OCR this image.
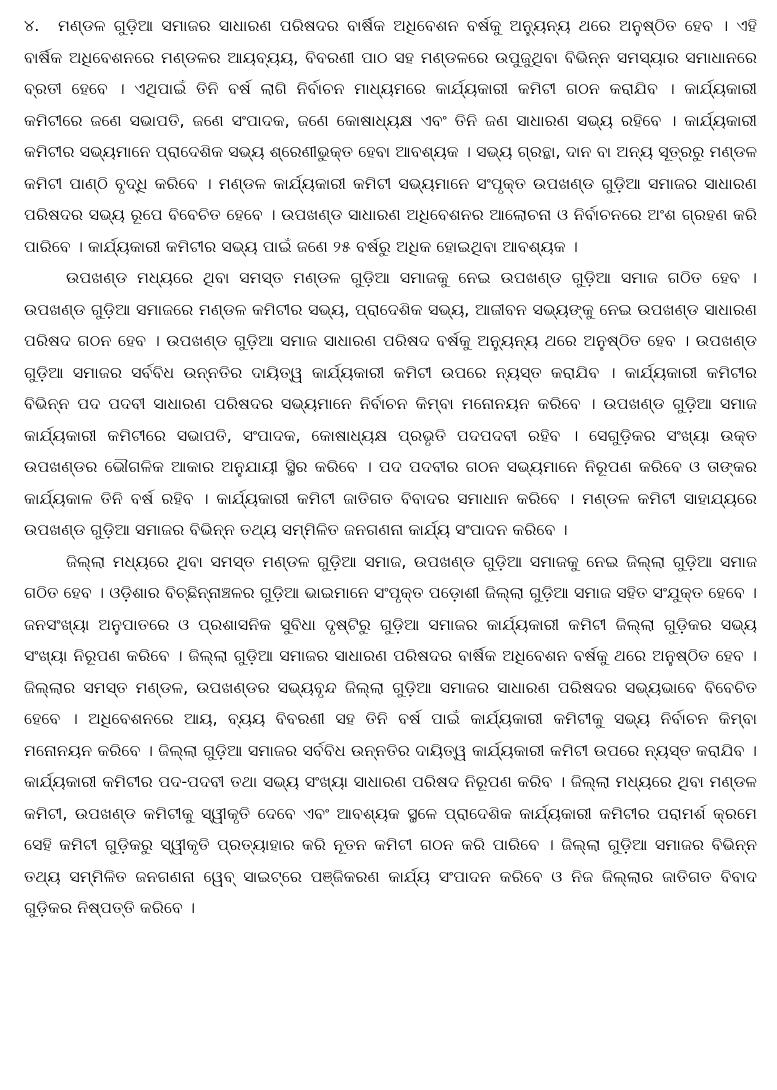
୪. ମଣ୍ଡଳ ଗୁଡ଼ିଆ ସମାଜର ସାଧାରଣ ପରିଷଦର ବାର୍ଷିକ ଅଧିବେଶନ ବର୍ଷକୁ ଅନ୍ୟୁନ୍ୟ ଥରେ ଅନୁଷ୍ଠିତ ହେବ । ଏହି ବାର୍ଷିକ ଅଧିବେଶନରେ ମଣ୍ଡଳର ଆୟବ୍ୟୟ, ବିବରଣୀ ପାଠ ସହ ମଣ୍ଡଳରେ ଉପୁଜୁଥିବା ବିଭିନ୍ନ ସମସ୍ୟାର ସମାଧାନରେ ବ୍ରତୀ ହେବେ । ଏଥିପାଇଁ ତିନି ବର୍ଷ ଲାଗି ନିର୍ବାଚନ ମାଧ୍ୟମରେ କାର୍ଯ୍ୟକାରୀ କମିଟୀ ଗଠନ କରାଯିବ । କାର୍ଯ୍ୟକାରୀ କମିଟୀରେ ଜଣେ ସଭାପତି, ଜଣେ ସଂପାଦକ, ଜଣେ କୋଷାଧ୍ୟକ୍ଷ ଏବଂ ତିନି ଜଣ ସାଧାରଣ ସଭ୍ୟ ରହିବେ । କାର୍ଯ୍ୟକାରୀ କମିଟୀର ସଭ୍ୟମାନେ ପ୍ରାଦେଶିକ ସଭ୍ୟ ଶ୍ରେଣୀଭୁକ୍ତ ହେବା ଆବଶ୍ୟକ । ସଭ୍ୟ ଗ୍ରନ୍ଥା, ଦାନ ବା ଅନ୍ୟ ସୂତ୍ରରୁ ମଣ୍ଡଳ କମିଟୀ ପାଣ୍ଠି ବୃଦ୍ଧି କରିବେ । ମଣ୍ଡଳ କାର୍ଯ୍ୟକାରୀ କମିଟୀ ସଭ୍ୟମାନେ ସଂପୃକ୍ତ ଉପଖଣ୍ଡ ଗୁଡ଼ିଆ ସମାଜର ସାଧାରଣ ପରିଷଦର ସଭ୍ୟ ରୂପେ ବିବେଚିତ ହେବେ । ଉପଖଣ୍ଡ ସାଧାରଣ ଅଧିବେଶନର ଆଲୋଚନା ଓ ନିର୍ବାଚନରେ ଅଂଶ ଗ୍ରହଣ କରି ପାରିବେ । କାର୍ଯ୍ୟକାରୀ କମିଟୀର ସଭ୍ୟ ପାଇଁ ଜଣେ ୨୫ ବର୍ଷରୁ ଅଧିକ ହୋଇଥିବା ଆବଶ୍ୟକ ।

ଉପଖଣ୍ଡ ମଧ୍ୟରେ ଥିବା ସମସ୍ତ ମଣ୍ଡଳ ଗୁଡ଼ିଆ ସମାଜକୁ ନେଇ ଉପଖଣ୍ଡ ଗୁଡ଼ିଆ ସମାଜ ଗଠିତ ହେବ । ଉପଖଣ୍ଡ ଗୁଡ଼ିଆ ସମାଜରେ ମଣ୍ଡଳ କମିଟୀର ସଭ୍ୟ, ପ୍ରାଦେଶିକ ସଭ୍ୟ, ଆଜୀବନ ସଭ୍ୟଙ୍କୁ ନେଇ ଉପଖଣ୍ଡ ସାଧାରଣ ପରିଷଦ ଗଠନ ହେବ । ଉପଖଣ୍ଡ ଗୁଡ଼ିଆ ସମାଜ ସାଧାରଣ ପରିଷଦ ବର୍ଷକୁ ଅନ୍ୟୁନ୍ୟ ଥରେ ଅନୁଷ୍ଠିତ ହେବ । ଉପଖଣ୍ଡ ଗୁଡ଼ିଆ ସମାଜର ସର୍ବବିଧ ଉନ୍ନତିର ଦାୟିତ୍ୱ କାର୍ଯ୍ୟକାରୀ କମିଟୀ ଉପରେ ନ୍ୟସ୍ତ କରାଯିବ । କାର୍ଯ୍ୟକାରୀ କମିଟୀର ବିଭିନ୍ନ ପଦ ପଦବୀ ସାଧାରଣ ପରିଷଦର ସଭ୍ୟମାନେ ନିର୍ବାଚନ କିମ୍ବା ମନୋନୟନ କରିବେ । ଉପଖଣ୍ଡ ଗୁଡ଼ିଆ ସମାଜ କାର୍ଯ୍ୟକାରୀ କମିଟୀରେ ସଭାପତି, ସଂପାଦକ, କୋଷାଧ୍ୟକ୍ଷ ପ୍ରଭୃତି ପଦପଦବୀ ରହିବ । ସେଗୁଡ଼ିକର ସଂଖ୍ୟା ଉକ୍ତ ଉପଖଣ୍ଡର ଭୌଗଳିକ ଆକାର ଅନୁଯାୟୀ ସ୍ଥିର କରିବେ । ପଦ ପଦବୀର ଗଠନ ସଭ୍ୟମାନେ ନିରୂପଣ କରିବେ ଓ ତାଙ୍କର କାର୍ଯ୍ୟକାଳ ତିନି ବର୍ଷ ରହିବ । କାର୍ଯ୍ୟକାରୀ କମିଟୀ ଜାତିଗତ ବିବାଦର ସମାଧାନ କରିବେ । ମଣ୍ଡଳ କମିଟୀ ସାହାଯ୍ୟରେ ଉପଖଣ୍ଡ ଗୁଡ଼ିଆ ସମାଜର ବିଭିନ୍ନ ତଥ୍ୟ ସମ୍ମିଳିତ ଜନଗଣନା କାର୍ଯ୍ୟ ସଂପାଦନ କରିବେ ।

ଜିଲ୍ଲା ମଧ୍ୟରେ ଥିବା ସମସ୍ତ ମଣ୍ଡଳ ଗୁଡ଼ିଆ ସମାଜ, ଉପଖଣ୍ଡ ଗୁଡ଼ିଆ ସମାଜକୁ ନେଇ ଜିଲ୍ଲା ଗୁଡ଼ିଆ ସମାଜ ଗଠିତ ହେବ । ଓଡ଼ିଶାର ବିଚ୍ଛିନ୍ନାଞ୍ଚଳର ଗୁଡ଼ିଆ ଭାଇମାନେ ସଂପୃକ୍ତ ପଡ଼ୋଶୀ ଜିଲ୍ଲା ଗୁଡ଼ିଆ ସମାଜ ସହିତ ସଂଯୁକ୍ତ ହେବେ । ଜନସଂଖ୍ୟା ଅନୁପାତରେ ଓ ପ୍ରଶାସନିକ ସୁବିଧା ଦୃଷ୍ଟିରୁ ଗୁଡ଼ିଆ ସମାଜର କାର୍ଯ୍ୟକାରୀ କମିଟୀ ଜିଲ୍ଲା ଗୁଡ଼ିକର ସଭ୍ୟ ସଂଖ୍ୟା ନିରୂପଣ କରିବେ । ଜିଲ୍ଲା ଗୁଡ଼ିଆ ସମାଜର ସାଧାରଣ ପରିଷଦର ବାର୍ଷିକ ଅଧିବେଶନ ବର୍ଷକୁ ଥରେ ଅନୁଷ୍ଠିତ ହେବ । ଜିଲ୍ଲାର ସମସ୍ତ ମଣ୍ଡଳ, ଉପଖଣ୍ଡର ସଭ୍ୟବୃନ୍ଦ ଜିଲ୍ଲା ଗୁଡ଼ିଆ ସମାଜର ସାଧାରଣ ପରିଷଦର ସଭ୍ୟଭାବେ ବିବେଚିତ ହେବେ । ଅଧିବେଶନରେ ଆୟ, ବ୍ୟୟ ବିବରଣୀ ସହ ତିନି ବର୍ଷ ପାଇଁ କାର୍ଯ୍ୟକାରୀ କମିଟୀକୁ ସଭ୍ୟ ନିର୍ବାଚନ କିମ୍ବା ମନୋନୟନ କରିବେ । ଜିଲ୍ଲା ଗୁଡ଼ିଆ ସମାଜର ସର୍ବବିଧ ଉନ୍ନତିର ଦାୟିତ୍ୱ କାର୍ଯ୍ୟକାରୀ କମିଟୀ ଉପରେ ନ୍ୟସ୍ତ କରାଯିବ । କାର୍ଯ୍ୟକାରୀ କମିଟୀର ପଦ-ପଦବୀ ତଥା ସଭ୍ୟ ସଂଖ୍ୟା ସାଧାରଣ ପରିଷଦ ନିରୂପଣ କରିବ । ଜିଲ୍ଲା ମଧ୍ୟରେ ଥିବା ମଣ୍ଡଳ କମିଟୀ, ଉପଖଣ୍ଡ କମିଟୀକୁ ସ୍ୱୀକୃତି ଦେବେ ଏବଂ ଆବଶ୍ୟକ ସ୍ଥଳେ ପ୍ରାଦେଶିକ କାର୍ଯ୍ୟକାରୀ କମିଟୀର ପରାମର୍ଶ କ୍ରମେ ସେହି କମିଟୀ ଗୁଡ଼ିକରୁ ସ୍ୱୀକୃତି ପ୍ରତ୍ୟାହାର କରି ନୂତନ କମିଟୀ ଗଠନ କରି ପାରିବେ । ଜିଲ୍ଲା ଗୁଡ଼ିଆ ସମାଜର ବିଭିନ୍ନ ତଥ୍ୟ ସମ୍ମିଳିତ ଜନଗଣନା ୱେବ୍ ସାଇଟ୍‌ରେ ପଞ୍ଜିକରଣ କାର୍ଯ୍ୟ ସଂପାଦନ କରିବେ ଓ ନିଜ ଜିଲ୍ଲାର ଜାତିଗତ ବିବାଦ ଗୁଡ଼ିକର ନିଷ୍ପତ୍ତି କରିବେ ।
